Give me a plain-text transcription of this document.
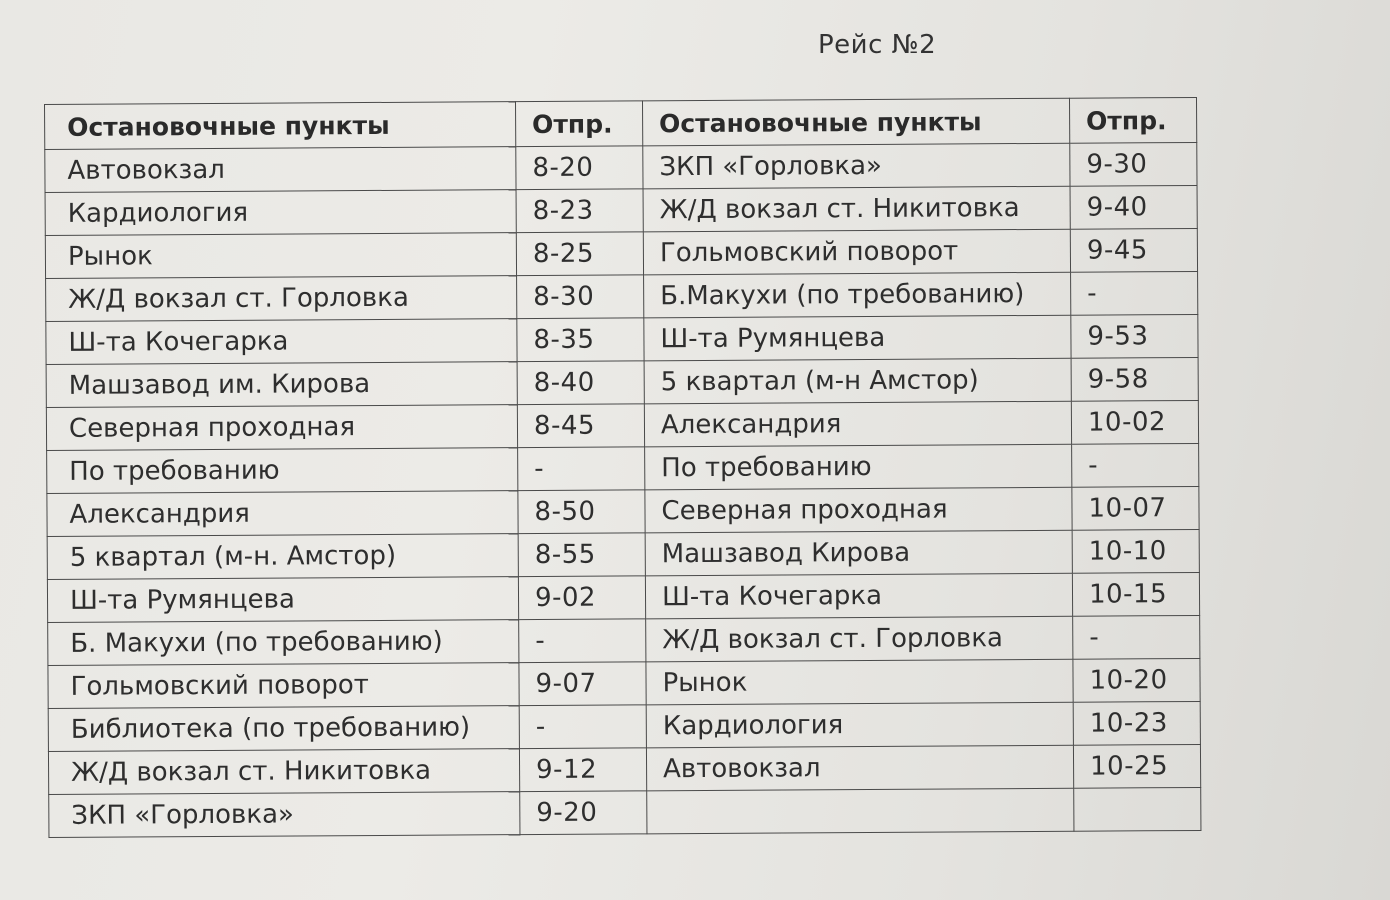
Рейс №2
Остановочные пункты	Отпр.	Остановочные пункты	Отпр.
Автовокзал	8-20	ЗКП «Горловка»	9-30
Кардиология	8-23	Ж/Д вокзал ст. Никитовка	9-40
Рынок	8-25	Гольмовский поворот	9-45
Ж/Д вокзал ст. Горловка	8-30	Б.Макухи (по требованию)	-
Ш-та Кочегарка	8-35	Ш-та Румянцева	9-53
Машзавод им. Кирова	8-40	5 квартал (м-н Амстор)	9-58
Северная проходная	8-45	Александрия	10-02
По требованию	-	По требованию	-
Александрия	8-50	Северная проходная	10-07
5 квартал (м-н. Амстор)	8-55	Машзавод Кирова	10-10
Ш-та Румянцева	9-02	Ш-та Кочегарка	10-15
Б. Макухи (по требованию)	-	Ж/Д вокзал ст. Горловка	-
Гольмовский поворот	9-07	Рынок	10-20
Библиотека (по требованию)	-	Кардиология	10-23
Ж/Д вокзал ст. Никитовка	9-12	Автовокзал	10-25
ЗКП «Горловка»	9-20		
